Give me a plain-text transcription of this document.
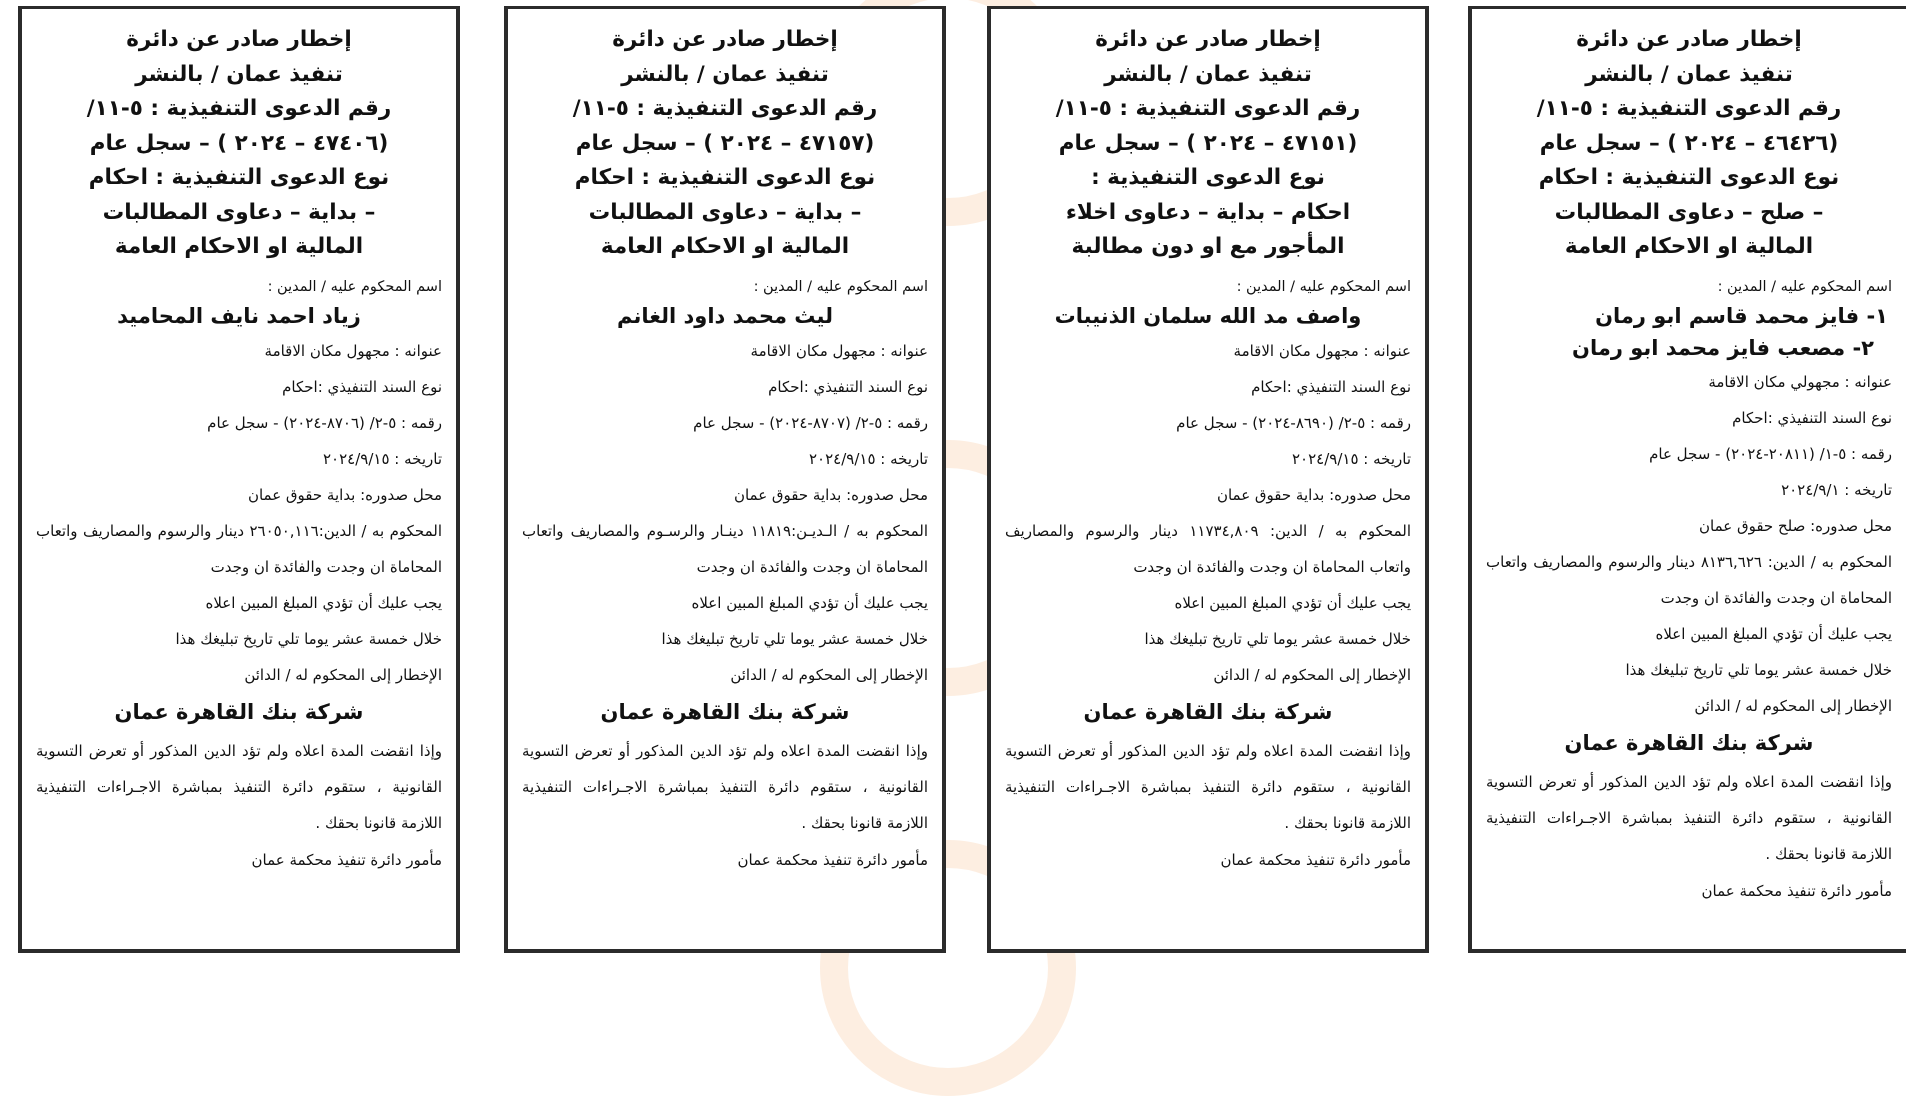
إخطار صادر عن دائرة
تنفيذ عمان / بالنشر
رقم الدعوى التنفيذية : ٥-١١/
(٤٦٤٢٦ – ٢٠٢٤ ) – سجل عام
نوع الدعوى التنفيذية : احكام
– صلح – دعاوى المطالبات
المالية او الاحكام العامة
اسم المحكوم عليه / المدين :
١- فايز محمد قاسم ابو رمان
٢- مصعب فايز محمد ابو رمان
عنوانه : مجهولي مكان الاقامة
نوع السند التنفيذي :احكام
رقمه : ٥-١/ (٢٠٨١١-٢٠٢٤) - سجل عام
تاريخه : ٢٠٢٤/٩/١
محل صدوره: صلح حقوق عمان
المحكوم به / الدين: ٨١٣٦,٦٢٦ دينار والرسوم والمصاريف واتعاب المحاماة ان وجدت والفائدة ان وجدت
يجب عليك أن تؤدي المبلغ المبين اعلاه
خلال خمسة عشر يوما تلي تاريخ تبليغك هذا
الإخطار إلى المحكوم له / الدائن
شركة بنك القاهرة عمان
وإذا انقضت المدة اعلاه ولم تؤد الدين المذكور أو تعرض التسوية القانونية ، ستقوم دائرة التنفيذ بمباشرة الاجـراءات التنفيذية اللازمة قانونا بحقك .
مأمور دائرة تنفيذ محكمة عمان
إخطار صادر عن دائرة
تنفيذ عمان / بالنشر
رقم الدعوى التنفيذية : ٥-١١/
(٤٧١٥١ – ٢٠٢٤ ) – سجل عام
نوع الدعوى التنفيذية :
احكام – بداية – دعاوى اخلاء
المأجور مع او دون مطالبة
اسم المحكوم عليه / المدين :
واصف مد الله سلمان الذنيبات
عنوانه : مجهول مكان الاقامة
نوع السند التنفيذي :احكام
رقمه : ٥-٢/ (٨٦٩٠-٢٠٢٤) - سجل عام
تاريخه : ٢٠٢٤/٩/١٥
محل صدوره: بداية حقوق عمان
المحكوم به / الدين: ١١٧٣٤,٨٠٩ دينار والرسوم والمصاريف واتعاب المحاماة ان وجدت والفائدة ان وجدت
يجب عليك أن تؤدي المبلغ المبين اعلاه
خلال خمسة عشر يوما تلي تاريخ تبليغك هذا
الإخطار إلى المحكوم له / الدائن
شركة بنك القاهرة عمان
وإذا انقضت المدة اعلاه ولم تؤد الدين المذكور أو تعرض التسوية القانونية ، ستقوم دائرة التنفيذ بمباشرة الاجـراءات التنفيذية اللازمة قانونا بحقك .
مأمور دائرة تنفيذ محكمة عمان
إخطار صادر عن دائرة
تنفيذ عمان / بالنشر
رقم الدعوى التنفيذية : ٥-١١/
(٤٧١٥٧ – ٢٠٢٤ ) – سجل عام
نوع الدعوى التنفيذية : احكام
– بداية – دعاوى المطالبات
المالية او الاحكام العامة
اسم المحكوم عليه / المدين :
ليث محمد داود الغانم
عنوانه : مجهول مكان الاقامة
نوع السند التنفيذي :احكام
رقمه : ٥-٢/ (٨٧٠٧-٢٠٢٤) - سجل عام
تاريخه : ٢٠٢٤/٩/١٥
محل صدوره: بداية حقوق عمان
المحكوم به / الـديـن:١١٨١٩ دينـار والرسـوم والمصاريف واتعاب المحاماة ان وجدت والفائدة ان وجدت
يجب عليك أن تؤدي المبلغ المبين اعلاه
خلال خمسة عشر يوما تلي تاريخ تبليغك هذا
الإخطار إلى المحكوم له / الدائن
شركة بنك القاهرة عمان
وإذا انقضت المدة اعلاه ولم تؤد الدين المذكور أو تعرض التسوية القانونية ، ستقوم دائرة التنفيذ بمباشرة الاجـراءات التنفيذية اللازمة قانونا بحقك .
مأمور دائرة تنفيذ محكمة عمان
إخطار صادر عن دائرة
تنفيذ عمان / بالنشر
رقم الدعوى التنفيذية : ٥-١١/
(٤٧٤٠٦ – ٢٠٢٤ ) – سجل عام
نوع الدعوى التنفيذية : احكام
– بداية – دعاوى المطالبات
المالية او الاحكام العامة
اسم المحكوم عليه / المدين :
زياد احمد نايف المحاميد
عنوانه : مجهول مكان الاقامة
نوع السند التنفيذي :احكام
رقمه : ٥-٢/ (٨٧٠٦-٢٠٢٤) - سجل عام
تاريخه : ٢٠٢٤/٩/١٥
محل صدوره: بداية حقوق عمان
المحكوم به / الدين:٢٦٠٥٠,١١٦ دينار والرسوم والمصاريف واتعاب المحاماة ان وجدت والفائدة ان وجدت
يجب عليك أن تؤدي المبلغ المبين اعلاه
خلال خمسة عشر يوما تلي تاريخ تبليغك هذا
الإخطار إلى المحكوم له / الدائن
شركة بنك القاهرة عمان
وإذا انقضت المدة اعلاه ولم تؤد الدين المذكور أو تعرض التسوية القانونية ، ستقوم دائرة التنفيذ بمباشرة الاجـراءات التنفيذية اللازمة قانونا بحقك .
مأمور دائرة تنفيذ محكمة عمان
